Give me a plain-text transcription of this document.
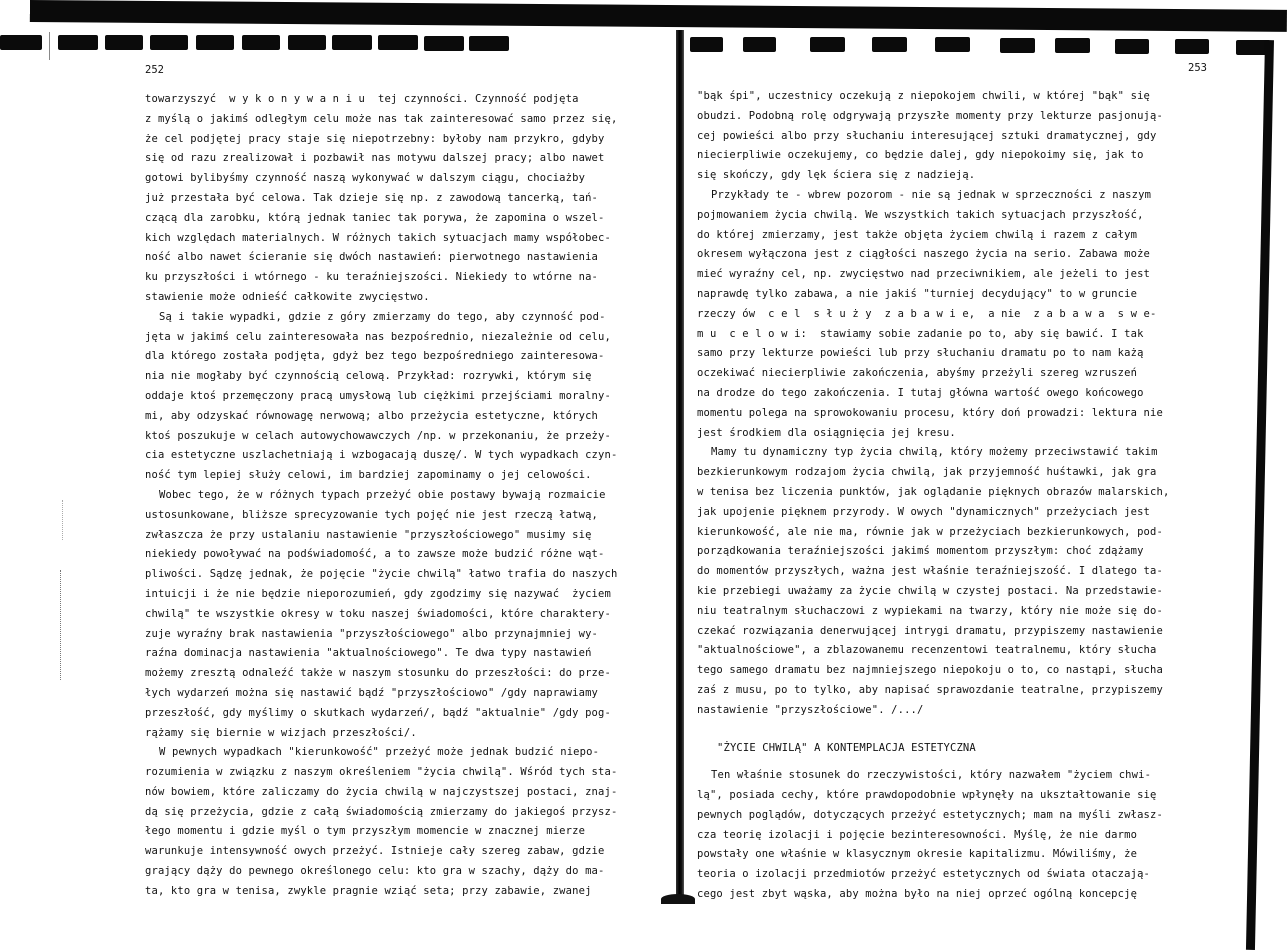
252	253

towarzyszyć  w y k o n y w a n i u  tej czynności. Czynność podjęta
z myślą o jakimś odległym celu może nas tak zainteresować samo przez się,
że cel podjętej pracy staje się niepotrzebny: byłoby nam przykro, gdyby
się od razu zrealizował i pozbawił nas motywu dalszej pracy; albo nawet
gotowi bylibyśmy czynność naszą wykonywać w dalszym ciągu, chociażby
już przestała być celowa. Tak dzieje się np. z zawodową tancerką, tań-
czącą dla zarobku, którą jednak taniec tak porywa, że zapomina o wszel-
kich względach materialnych. W różnych takich sytuacjach mamy współobec-
ność albo nawet ścieranie się dwóch nastawień: pierwotnego nastawienia
ku przyszłości i wtórnego - ku teraźniejszości. Niekiedy to wtórne na-
stawienie może odnieść całkowite zwycięstwo.

Są i takie wypadki, gdzie z góry zmierzamy do tego, aby czynność pod-
jęta w jakimś celu zainteresowała nas bezpośrednio, niezależnie od celu,
dla którego została podjęta, gdyż bez tego bezpośredniego zainteresowa-
nia nie mogłaby być czynnością celową. Przykład: rozrywki, którym się
oddaje ktoś przemęczony pracą umysłową lub ciężkimi przejściami moralny-
mi, aby odzyskać równowagę nerwową; albo przeżycia estetyczne, których
ktoś poszukuje w celach autowychowawczych /np. w przekonaniu, że przeży-
cia estetyczne uszlachetniają i wzbogacają duszę/. W tych wypadkach czyn-
ność tym lepiej służy celowi, im bardziej zapominamy o jej celowości.

Wobec tego, że w różnych typach przeżyć obie postawy bywają rozmaicie
ustosunkowane, bliższe sprecyzowanie tych pojęć nie jest rzeczą łatwą,
zwłaszcza że przy ustalaniu nastawienie "przyszłościowego" musimy się
niekiedy powoływać na podświadomość, a to zawsze może budzić różne wąt-
pliwości. Sądzę jednak, że pojęcie "życie chwilą" łatwo trafia do naszych
intuicji i że nie będzie nieporozumień, gdy zgodzimy się nazywać  życiem
chwilą" te wszystkie okresy w toku naszej świadomości, które charaktery-
zuje wyraźny brak nastawienia "przyszłościowego" albo przynajmniej wy-
raźna dominacja nastawienia "aktualnościowego". Te dwa typy nastawień
możemy zresztą odnaleźć także w naszym stosunku do przeszłości: do prze-
łych wydarzeń można się nastawić bądź "przyszłościowo" /gdy naprawiamy
przeszłość, gdy myślimy o skutkach wydarzeń/, bądź "aktualnie" /gdy pog-
rążamy się biernie w wizjach przeszłości/.

W pewnych wypadkach "kierunkowość" przeżyć może jednak budzić niepo-
rozumienia w związku z naszym określeniem "życia chwilą". Wśród tych sta-
nów bowiem, które zaliczamy do życia chwilą w najczystszej postaci, znaj-
dą się przeżycia, gdzie z całą świadomością zmierzamy do jakiegoś przysz-
łego momentu i gdzie myśl o tym przyszłym momencie w znacznej mierze
warunkuje intensywność owych przeżyć. Istnieje cały szereg zabaw, gdzie
grający dąży do pewnego określonego celu: kto gra w szachy, dąży do ma-
ta, kto gra w tenisa, zwykle pragnie wziąć seta; przy zabawie, zwanej

"bąk śpi", uczestnicy oczekują z niepokojem chwili, w której "bąk" się
obudzi. Podobną rolę odgrywają przyszłe momenty przy lekturze pasjonują-
cej powieści albo przy słuchaniu interesującej sztuki dramatycznej, gdy
niecierpliwie oczekujemy, co będzie dalej, gdy niepokoimy się, jak to
się skończy, gdy lęk ściera się z nadzieją.

Przykłady te - wbrew pozorom - nie są jednak w sprzeczności z naszym
pojmowaniem życia chwilą. We wszystkich takich sytuacjach przyszłość,
do której zmierzamy, jest także objęta życiem chwilą i razem z całym
okresem wyłączona jest z ciągłości naszego życia na serio. Zabawa może
mieć wyraźny cel, np. zwycięstwo nad przeciwnikiem, ale jeżeli to jest
naprawdę tylko zabawa, a nie jakiś "turniej decydujący" to w gruncie
rzeczy ów  c e l  s ł u ż y  z a b a w i e,  a nie  z a b a w a  s w e-
m u  c e l o w i:  stawiamy sobie zadanie po to, aby się bawić. I tak
samo przy lekturze powieści lub przy słuchaniu dramatu po to nam każą
oczekiwać niecierpliwie zakończenia, abyśmy przeżyli szereg wzruszeń
na drodze do tego zakończenia. I tutaj główna wartość owego końcowego
momentu polega na sprowokowaniu procesu, który doń prowadzi: lektura nie
jest środkiem dla osiągnięcia jej kresu.

Mamy tu dynamiczny typ życia chwilą, który możemy przeciwstawić takim
bezkierunkowym rodzajom życia chwilą, jak przyjemność huśtawki, jak gra
w tenisa bez liczenia punktów, jak oglądanie pięknych obrazów malarskich,
jak upojenie pięknem przyrody. W owych "dynamicznych" przeżyciach jest
kierunkowość, ale nie ma, równie jak w przeżyciach bezkierunkowych, pod-
porządkowania teraźniejszości jakimś momentom przyszłym: choć zdążamy
do momentów przyszłych, ważna jest właśnie teraźniejszość. I dlatego ta-
kie przebiegi uważamy za życie chwilą w czystej postaci. Na przedstawie-
niu teatralnym słuchaczowi z wypiekami na twarzy, który nie może się do-
czekać rozwiązania denerwującej intrygi dramatu, przypiszemy nastawienie
"aktualnościowe", a zblazowanemu recenzentowi teatralnemu, który słucha
tego samego dramatu bez najmniejszego niepokoju o to, co nastąpi, słucha
zaś z musu, po to tylko, aby napisać sprawozdanie teatralne, przypiszemy
nastawienie "przyszłościowe". /.../

"ŻYCIE CHWILĄ" A KONTEMPLACJA ESTETYCZNA

Ten właśnie stosunek do rzeczywistości, który nazwałem "życiem chwi-
lą", posiada cechy, które prawdopodobnie wpłynęły na ukształtowanie się
pewnych poglądów, dotyczących przeżyć estetycznych; mam na myśli zwłasz-
cza teorię izolacji i pojęcie bezinteresowności. Myślę, że nie darmo
powstały one właśnie w klasycznym okresie kapitalizmu. Mówiliśmy, że
teoria o izolacji przedmiotów przeżyć estetycznych od świata otaczają-
cego jest zbyt wąska, aby można było na niej oprzeć ogólną koncepcję
